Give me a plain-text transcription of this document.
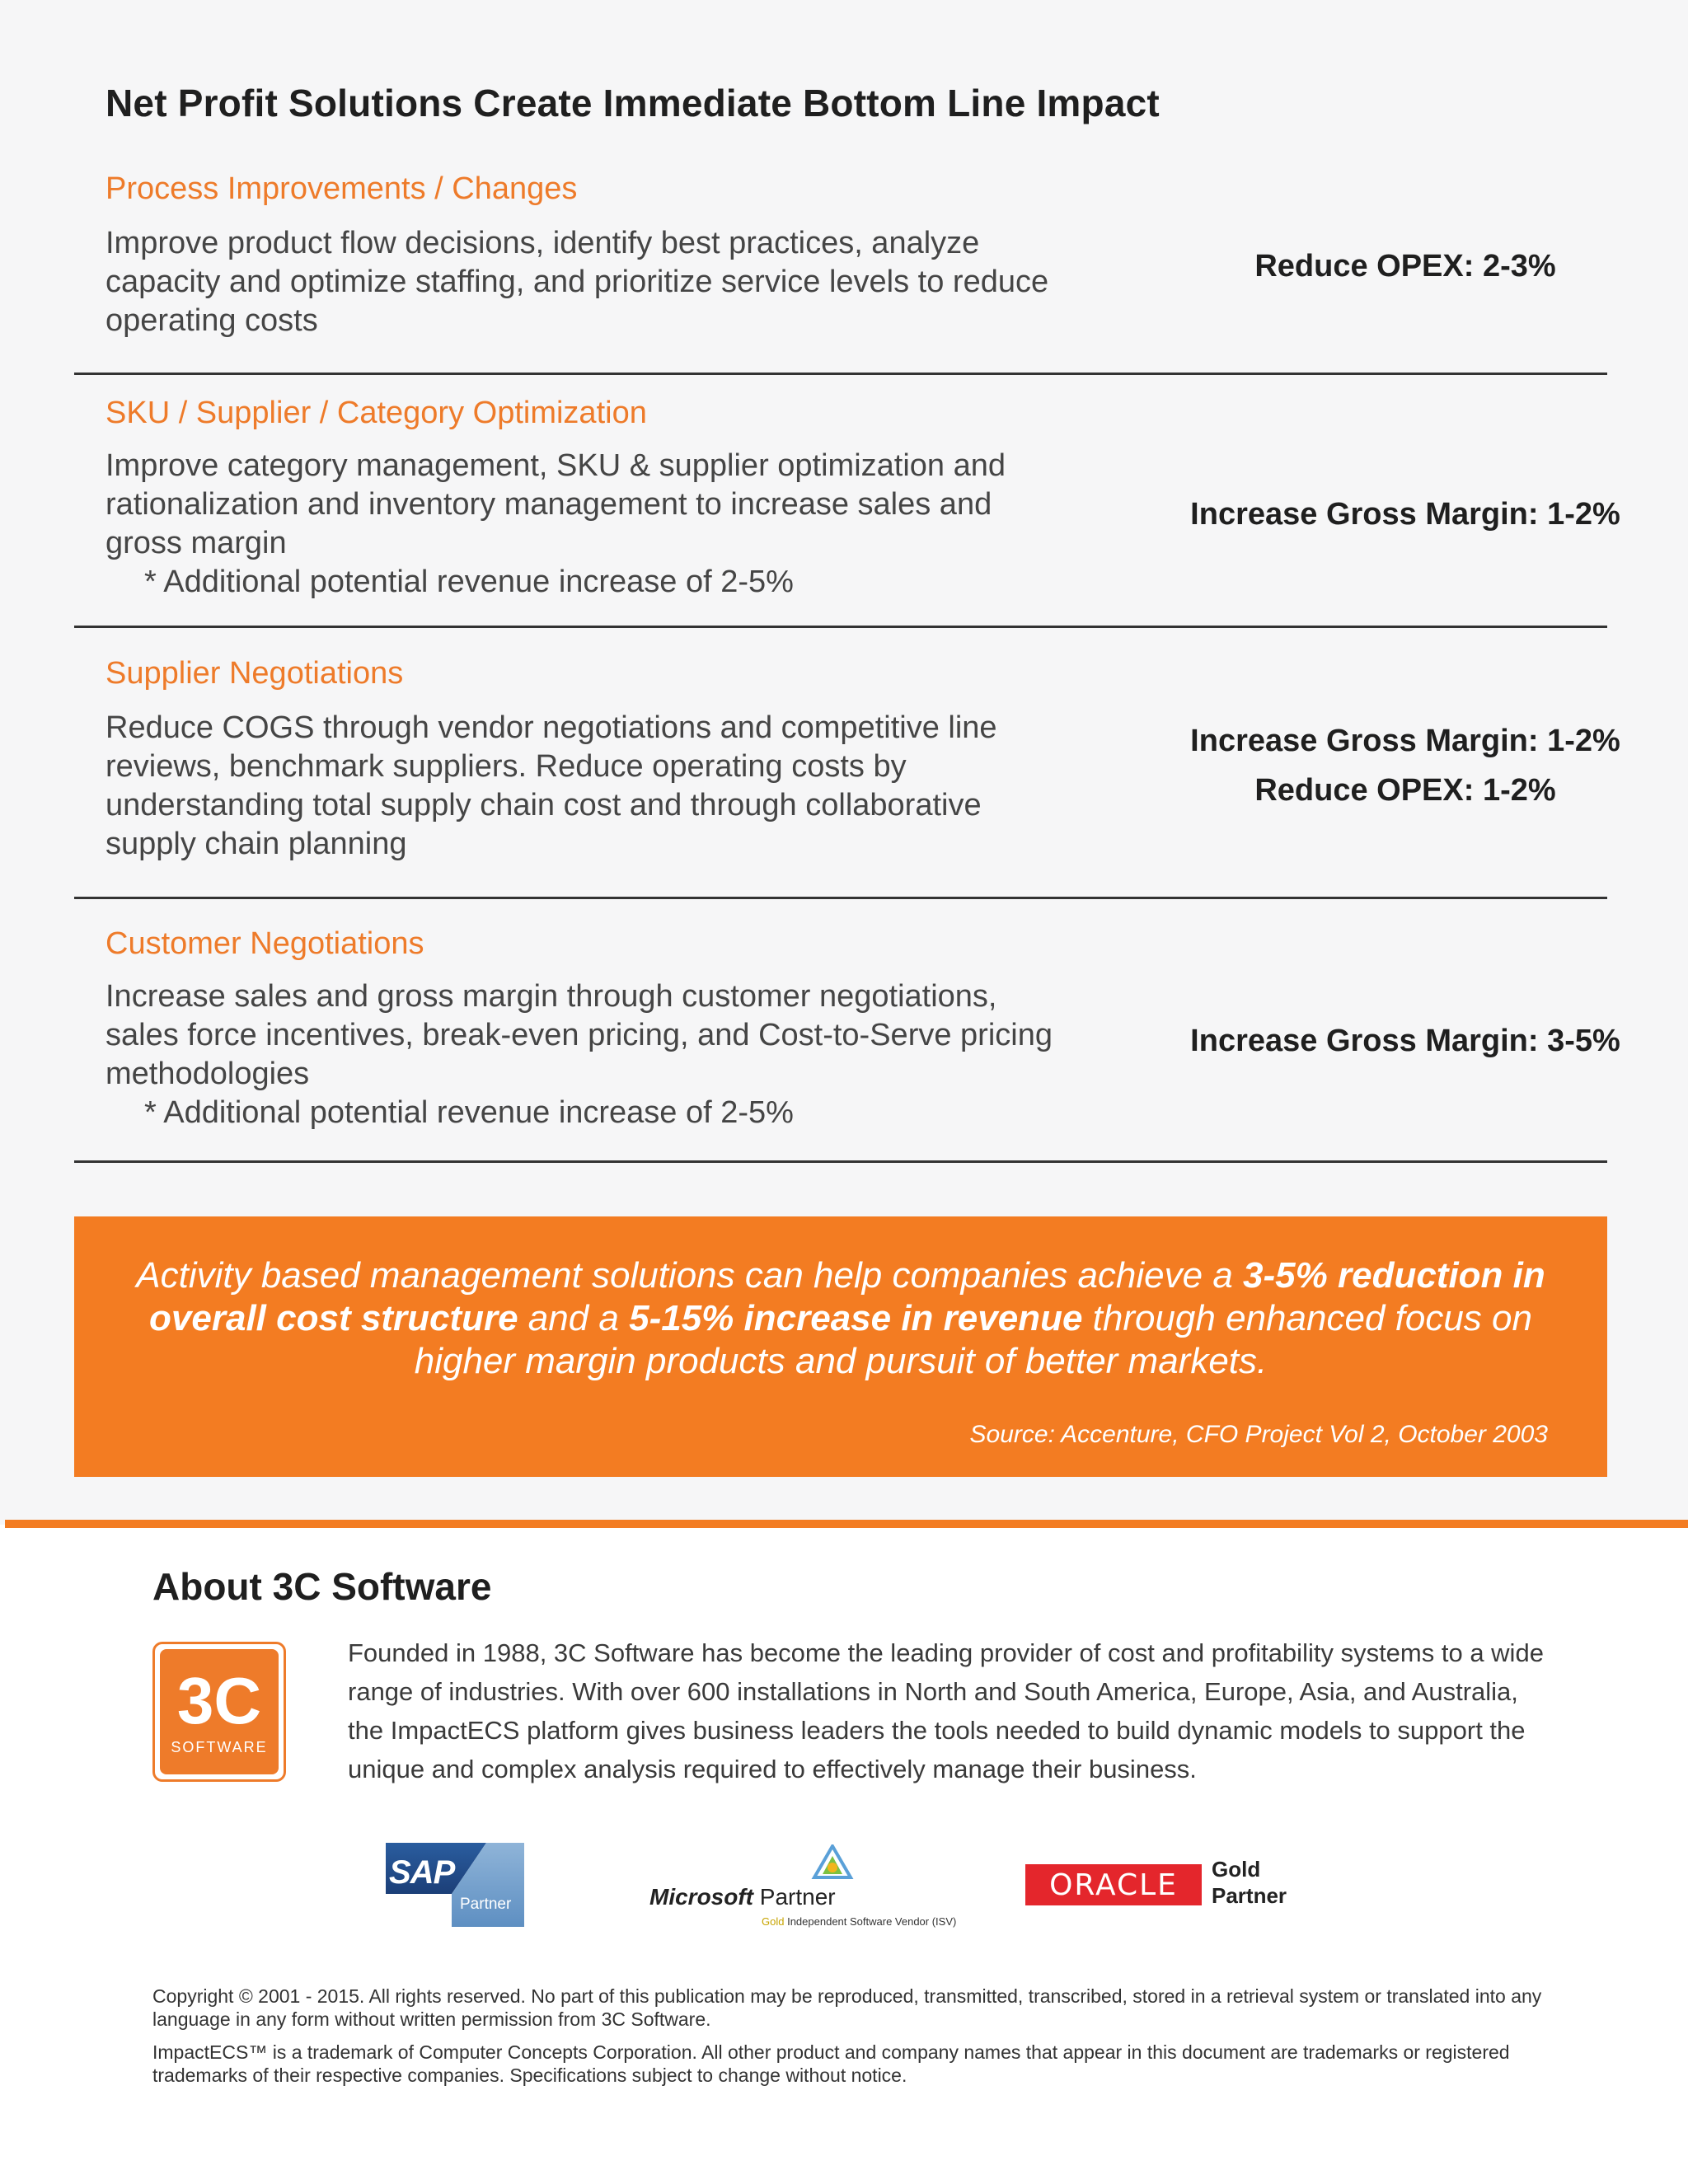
Net Profit Solutions Create Immediate Bottom Line Impact
Process Improvements / Changes
Improve product flow decisions, identify best practices, analyze capacity and optimize staffing, and prioritize service levels to reduce operating costs
Reduce OPEX: 2-3%
SKU / Supplier / Category Optimization
Improve category management, SKU & supplier optimization and rationalization and inventory management to increase sales and gross margin
* Additional potential revenue increase of 2-5%
Increase Gross Margin: 1-2%
Supplier Negotiations
Reduce COGS through vendor negotiations and competitive line reviews, benchmark suppliers. Reduce operating costs by understanding total supply chain cost and through collaborative supply chain planning
Increase Gross Margin: 1-2%
Reduce OPEX: 1-2%
Customer Negotiations
Increase sales and gross margin through customer negotiations, sales force incentives, break-even pricing, and Cost-to-Serve pricing methodologies
* Additional potential revenue increase of 2-5%
Increase Gross Margin: 3-5%

Activity based management solutions can help companies achieve a 3-5% reduction in overall cost structure and a 5-15% increase in revenue through enhanced focus on higher margin products and pursuit of better markets.

Source: Accenture, CFO Project Vol 2, October 2003
About 3C Software
3C
SOFTWARE

Founded in 1988, 3C Software has become the leading provider of cost and profitability systems to a wide range of industries. With over 600 installations in North and South America, Europe, Asia, and Australia, the ImpactECS platform gives business leaders the tools needed to build dynamic models to support the unique and complex analysis required to effectively manage their business.

SAP
Partner	Microsoft Partner
Gold Independent Software Vendor (ISV)
ORACLE Gold
Partner

Copyright © 2001 - 2015. All rights reserved. No part of this publication may be reproduced, transmitted, transcribed, stored in a retrieval system or translated into any language in any form without written permission from 3C Software.

ImpactECS™ is a trademark of Computer Concepts Corporation. All other product and company names that appear in this document are trademarks or registered trademarks of their respective companies. Specifications subject to change without notice.
